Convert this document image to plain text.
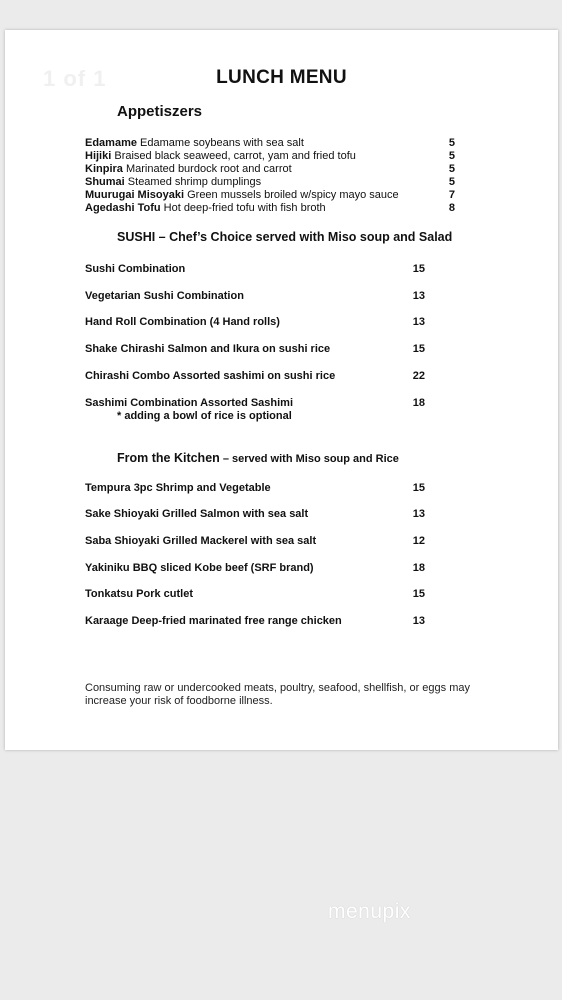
1 of 1	LUNCH MENU
Appetiszers
Edamame Edamame soybeans with sea salt	5
Hijiki Braised black seaweed, carrot, yam and fried tofu	5
Kinpira Marinated burdock root and carrot	5
Shumai Steamed shrimp dumplings	5
Muurugai Misoyaki Green mussels broiled w/spicy mayo sauce	7
Agedashi Tofu Hot deep-fried tofu with fish broth	8
SUSHI – Chef’s Choice served with Miso soup and Salad
Sushi Combination	15
Vegetarian Sushi Combination	13
Hand Roll Combination (4 Hand rolls)	13
Shake Chirashi Salmon and Ikura on sushi rice	15
Chirashi Combo Assorted sashimi on sushi rice	22
Sashimi Combination Assorted Sashimi	18
* adding a bowl of rice is optional
From the Kitchen – served with Miso soup and Rice
Tempura 3pc Shrimp and Vegetable	15
Sake Shioyaki Grilled Salmon with sea salt	13
Saba Shioyaki Grilled Mackerel with sea salt	12
Yakiniku BBQ sliced Kobe beef (SRF brand)	18
Tonkatsu Pork cutlet	15
Karaage Deep-fried marinated free range chicken	13
Consuming raw or undercooked meats, poultry, seafood, shellfish, or eggs may increase your risk of foodborne illness.
menupix
